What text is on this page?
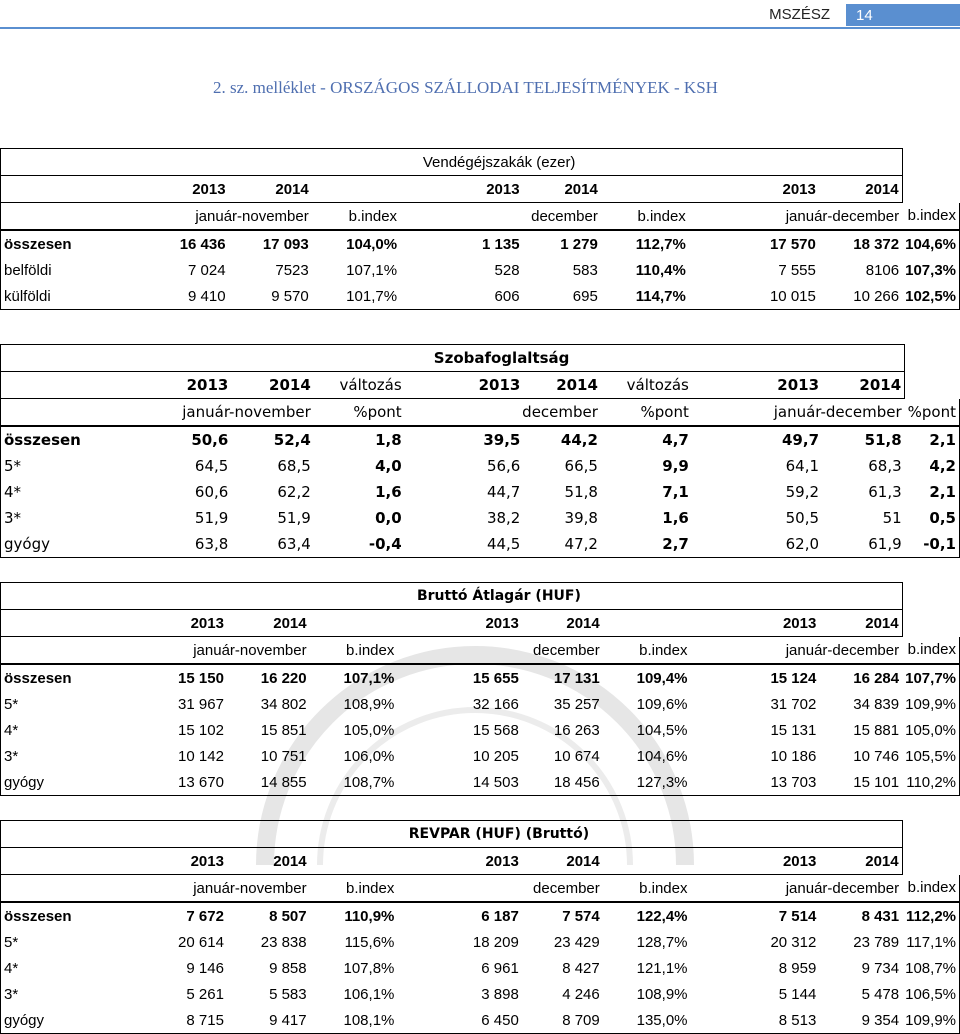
MSZÉSZ	14
2. sz. melléklet - ORSZÁGOS SZÁLLODAI TELJESÍTMÉNYEK - KSH
	Vendégéjszakák (ezer)								
	2013	2014		2013	2014		2013	2014	
	január-november		b.index	december		b.index	január-december		b.index
összesen	16 436	17 093	104,0%	1 135	1 279	112,7%	17 570	18 372	104,6%
belföldi	7 024	7523	107,1%	528	583	110,4%	7 555	8106	107,3%
külföldi	9 410	9 570	101,7%	606	695	114,7%	10 015	10 266	102,5%
	Szobafoglaltság								
	2013	2014	változás	2013	2014	változás	2013	2014	
	január-november		%pont	december		%pont	január-december		%pont
összesen	50,6	52,4	1,8	39,5	44,2	4,7	49,7	51,8	2,1
5*	64,5	68,5	4,0	56,6	66,5	9,9	64,1	68,3	4,2
4*	60,6	62,2	1,6	44,7	51,8	7,1	59,2	61,3	2,1
3*	51,9	51,9	0,0	38,2	39,8	1,6	50,5	51	0,5
gyógy	63,8	63,4	-0,4	44,5	47,2	2,7	62,0	61,9	-0,1
	Bruttó Átlagár (HUF)								
	2013	2014		2013	2014		2013	2014	
	január-november		b.index	december		b.index	január-december		b.index
összesen	15 150	16 220	107,1%	15 655	17 131	109,4%	15 124	16 284	107,7%
5*	31 967	34 802	108,9%	32 166	35 257	109,6%	31 702	34 839	109,9%
4*	15 102	15 851	105,0%	15 568	16 263	104,5%	15 131	15 881	105,0%
3*	10 142	10 751	106,0%	10 205	10 674	104,6%	10 186	10 746	105,5%
gyógy	13 670	14 855	108,7%	14 503	18 456	127,3%	13 703	15 101	110,2%
	REVPAR (HUF) (Bruttó)								
	2013	2014		2013	2014		2013	2014	
	január-november		b.index	december		b.index	január-december		b.index
összesen	7 672	8 507	110,9%	6 187	7 574	122,4%	7 514	8 431	112,2%
5*	20 614	23 838	115,6%	18 209	23 429	128,7%	20 312	23 789	117,1%
4*	9 146	9 858	107,8%	6 961	8 427	121,1%	8 959	9 734	108,7%
3*	5 261	5 583	106,1%	3 898	4 246	108,9%	5 144	5 478	106,5%
gyógy	8 715	9 417	108,1%	6 450	8 709	135,0%	8 513	9 354	109,9%
